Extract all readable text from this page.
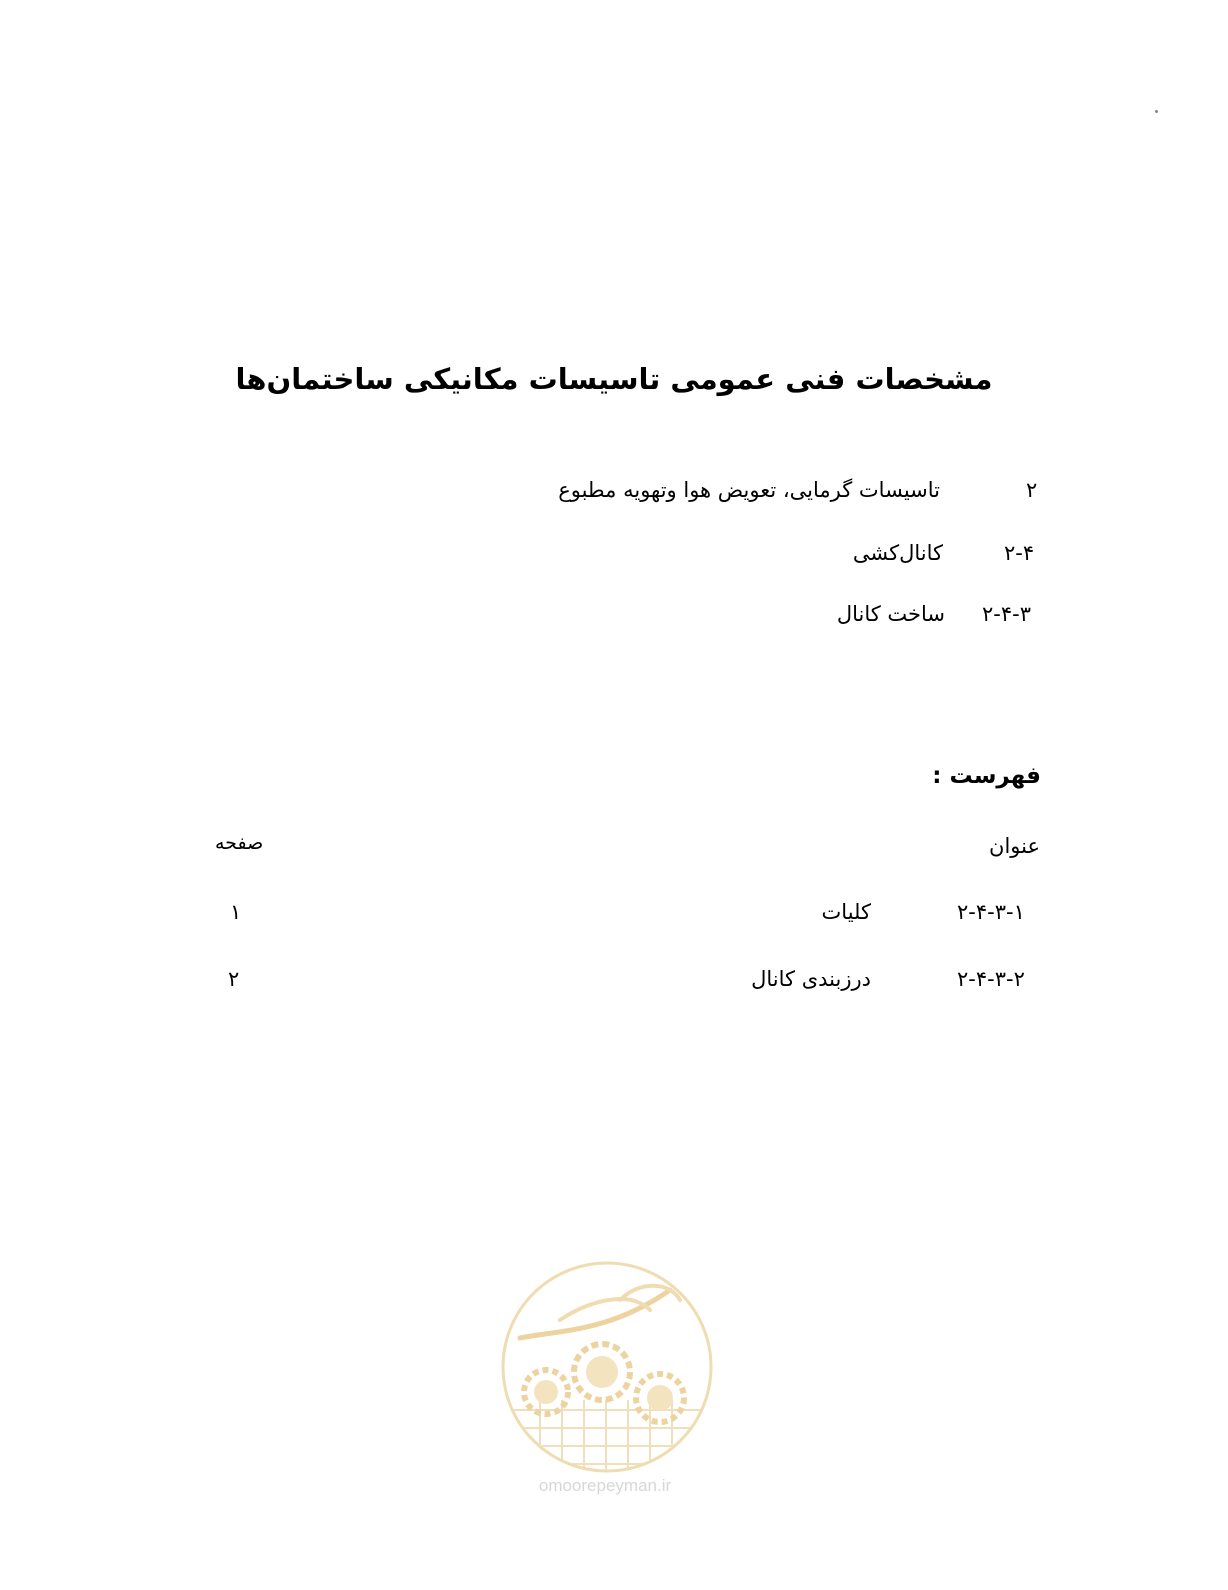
مشخصات فنی عمومی تاسیسات مکانیکی ساختمان‌ها
۲
تاسیسات گرمایی، تعویض هوا وتهویه مطبوع
۲-۴
کانال‌کشی
۲-۴-۳
ساخت کانال
فهرست :
عنوان
صفحه
۲-۴-۳-۱
کلیات
۱
۲-۴-۳-۲
درزبندی کانال
۲
omoorepeyman.ir
